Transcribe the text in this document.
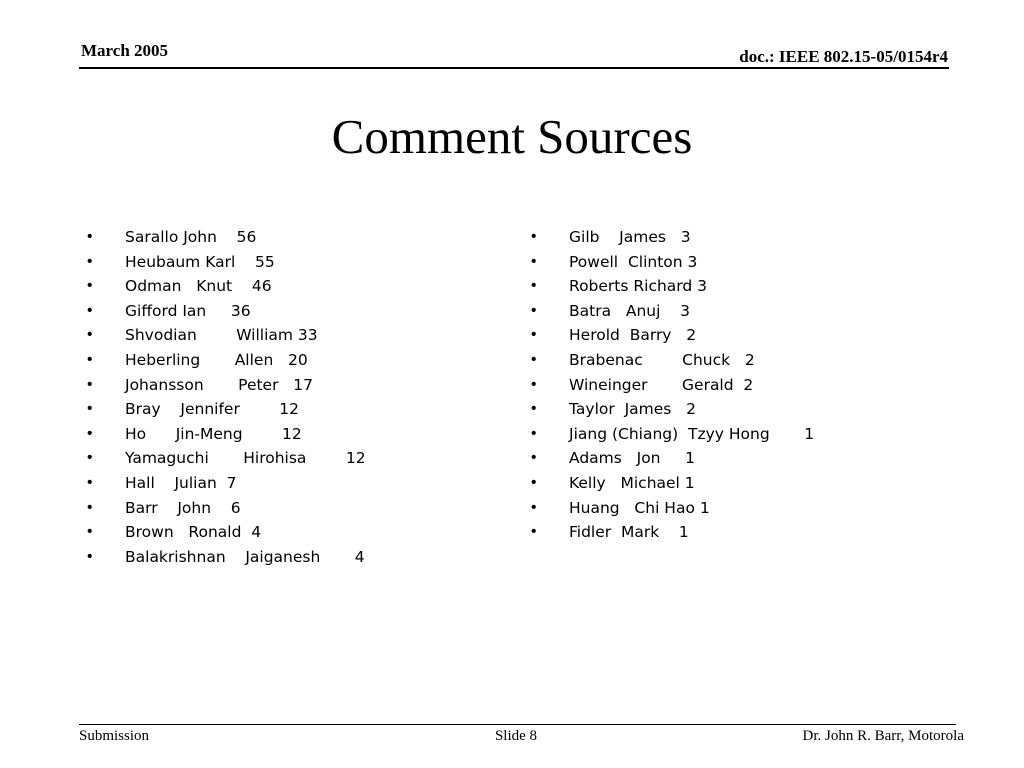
March 2005	doc.: IEEE 802.15-05/0154r4
Comment Sources
•	Sarallo John    56
•	Heubaum Karl    55
•	Odman   Knut    46
•	Gifford Ian     36
•	Shvodian        William 33
•	Heberling       Allen   20
•	Johansson       Peter   17
•	Bray    Jennifer        12
•	Ho      Jin-Meng        12
•	Yamaguchi       Hirohisa        12
•	Hall    Julian  7
•	Barr    John    6
•	Brown   Ronald  4
•	Balakrishnan    Jaiganesh       4
•	Gilb    James   3
•	Powell  Clinton 3
•	Roberts Richard 3
•	Batra   Anuj    3
•	Herold  Barry   2
•	Brabenac        Chuck   2
•	Wineinger       Gerald  2
•	Taylor  James   2
•	Jiang (Chiang)  Tzyy Hong       1
•	Adams   Jon     1
•	Kelly   Michael 1
•	Huang   Chi Hao 1
•	Fidler  Mark    1
Submission	Slide 8	Dr. John R. Barr, Motorola
